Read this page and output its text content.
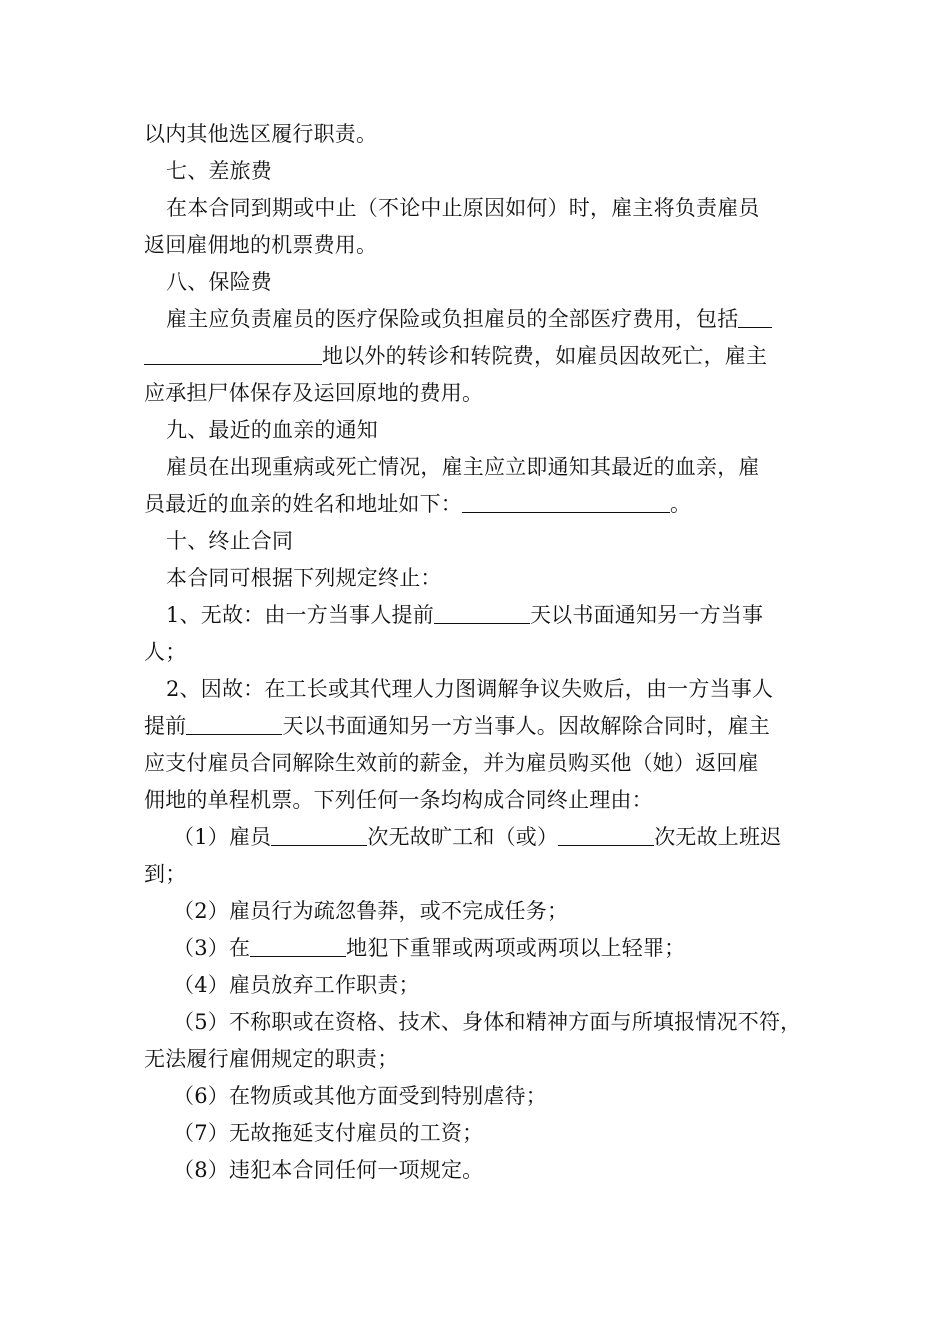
以内其他选区履行职责。
七、差旅费
在本合同到期或中止（不论中止原因如何）时，雇主将负责雇员
返回雇佣地的机票费用。
八、保险费
雇主应负责雇员的医疗保险或负担雇员的全部医疗费用，包括
地以外的转诊和转院费，如雇员因故死亡，雇主
应承担尸体保存及运回原地的费用。
九、最近的血亲的通知
雇员在出现重病或死亡情况，雇主应立即通知其最近的血亲，雇
员最近的血亲的姓名和地址如下：	。
十、终止合同
本合同可根据下列规定终止：
1、无故：由一方当事人提前	天以书面通知另一方当事
人；
2、因故：在工长或其代理人力图调解争议失败后，由一方当事人
提前	天以书面通知另一方当事人。因故解除合同时，雇主
应支付雇员合同解除生效前的薪金，并为雇员购买他（她）返回雇
佣地的单程机票。下列任何一条均构成合同终止理由：
（1）雇员	次无故旷工和（或）	次无故上班迟
到；
（2）雇员行为疏忽鲁莽，或不完成任务；
（3）在	地犯下重罪或两项或两项以上轻罪；
（4）雇员放弃工作职责；
（5）不称职或在资格、技术、身体和精神方面与所填报情况不符，
无法履行雇佣规定的职责；
（6）在物质或其他方面受到特别虐待；
（7）无故拖延支付雇员的工资；
（8）违犯本合同任何一项规定。
